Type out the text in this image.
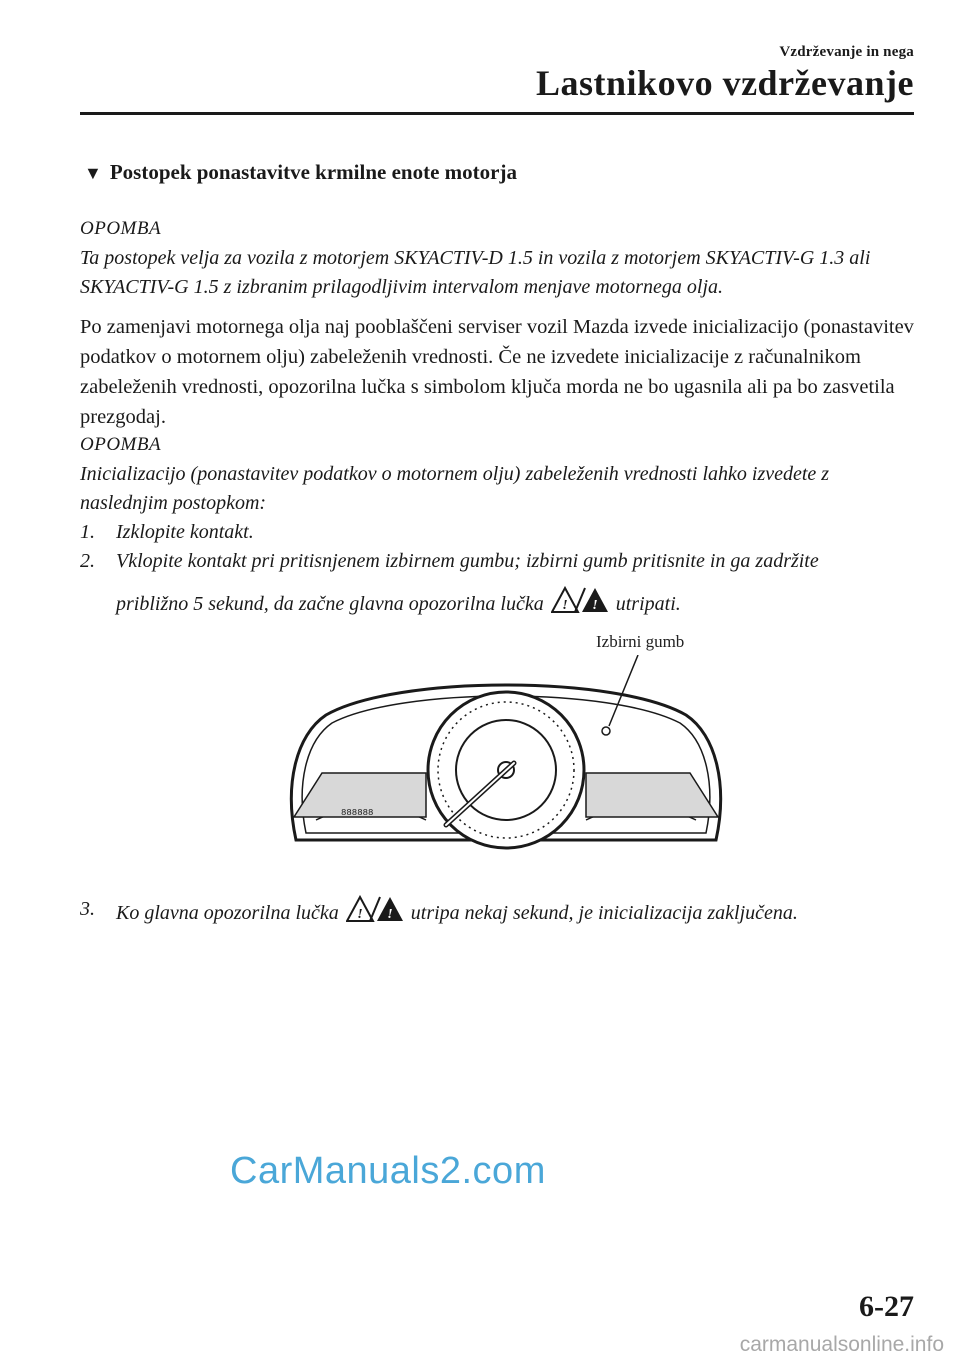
Vzdrževanje in nega
Lastnikovo vzdrževanje
▼ Postopek ponastavitve krmilne enote motorja
OPOMBA
Ta postopek velja za vozila z motorjem SKYACTIV-D 1.5 in vozila z motorjem SKYACTIV-G 1.3 ali SKYACTIV-G 1.5 z izbranim prilagodljivim intervalom menjave motornega olja.
Po zamenjavi motornega olja naj pooblaščeni serviser vozil Mazda izvede inicializacijo (ponastavitev podatkov o motornem olju) zabeleženih vrednosti. Če ne izvedete inicializacije z računalnikom zabeleženih vrednosti, opozorilna lučka s simbolom ključa morda ne bo ugasnila ali pa bo zasvetila prezgodaj.
OPOMBA
Inicializacijo (ponastavitev podatkov o motornem olju) zabeleženih vrednosti lahko izvedete z naslednjim postopkom:
1.	Izklopite kontakt.
2.	Vklopite kontakt pri pritisnjenem izbirnem gumbu; izbirni gumb pritisnite in ga zadržite
približno 5 sekund, da začne glavna opozorilna lučka ! ! utripati.
Izbirni gumb
888888
3.	Ko glavna opozorilna lučka ! ! utripa nekaj sekund, je inicializacija zaključena.
CarManuals2.com
6-27
carmanualsonline.info
